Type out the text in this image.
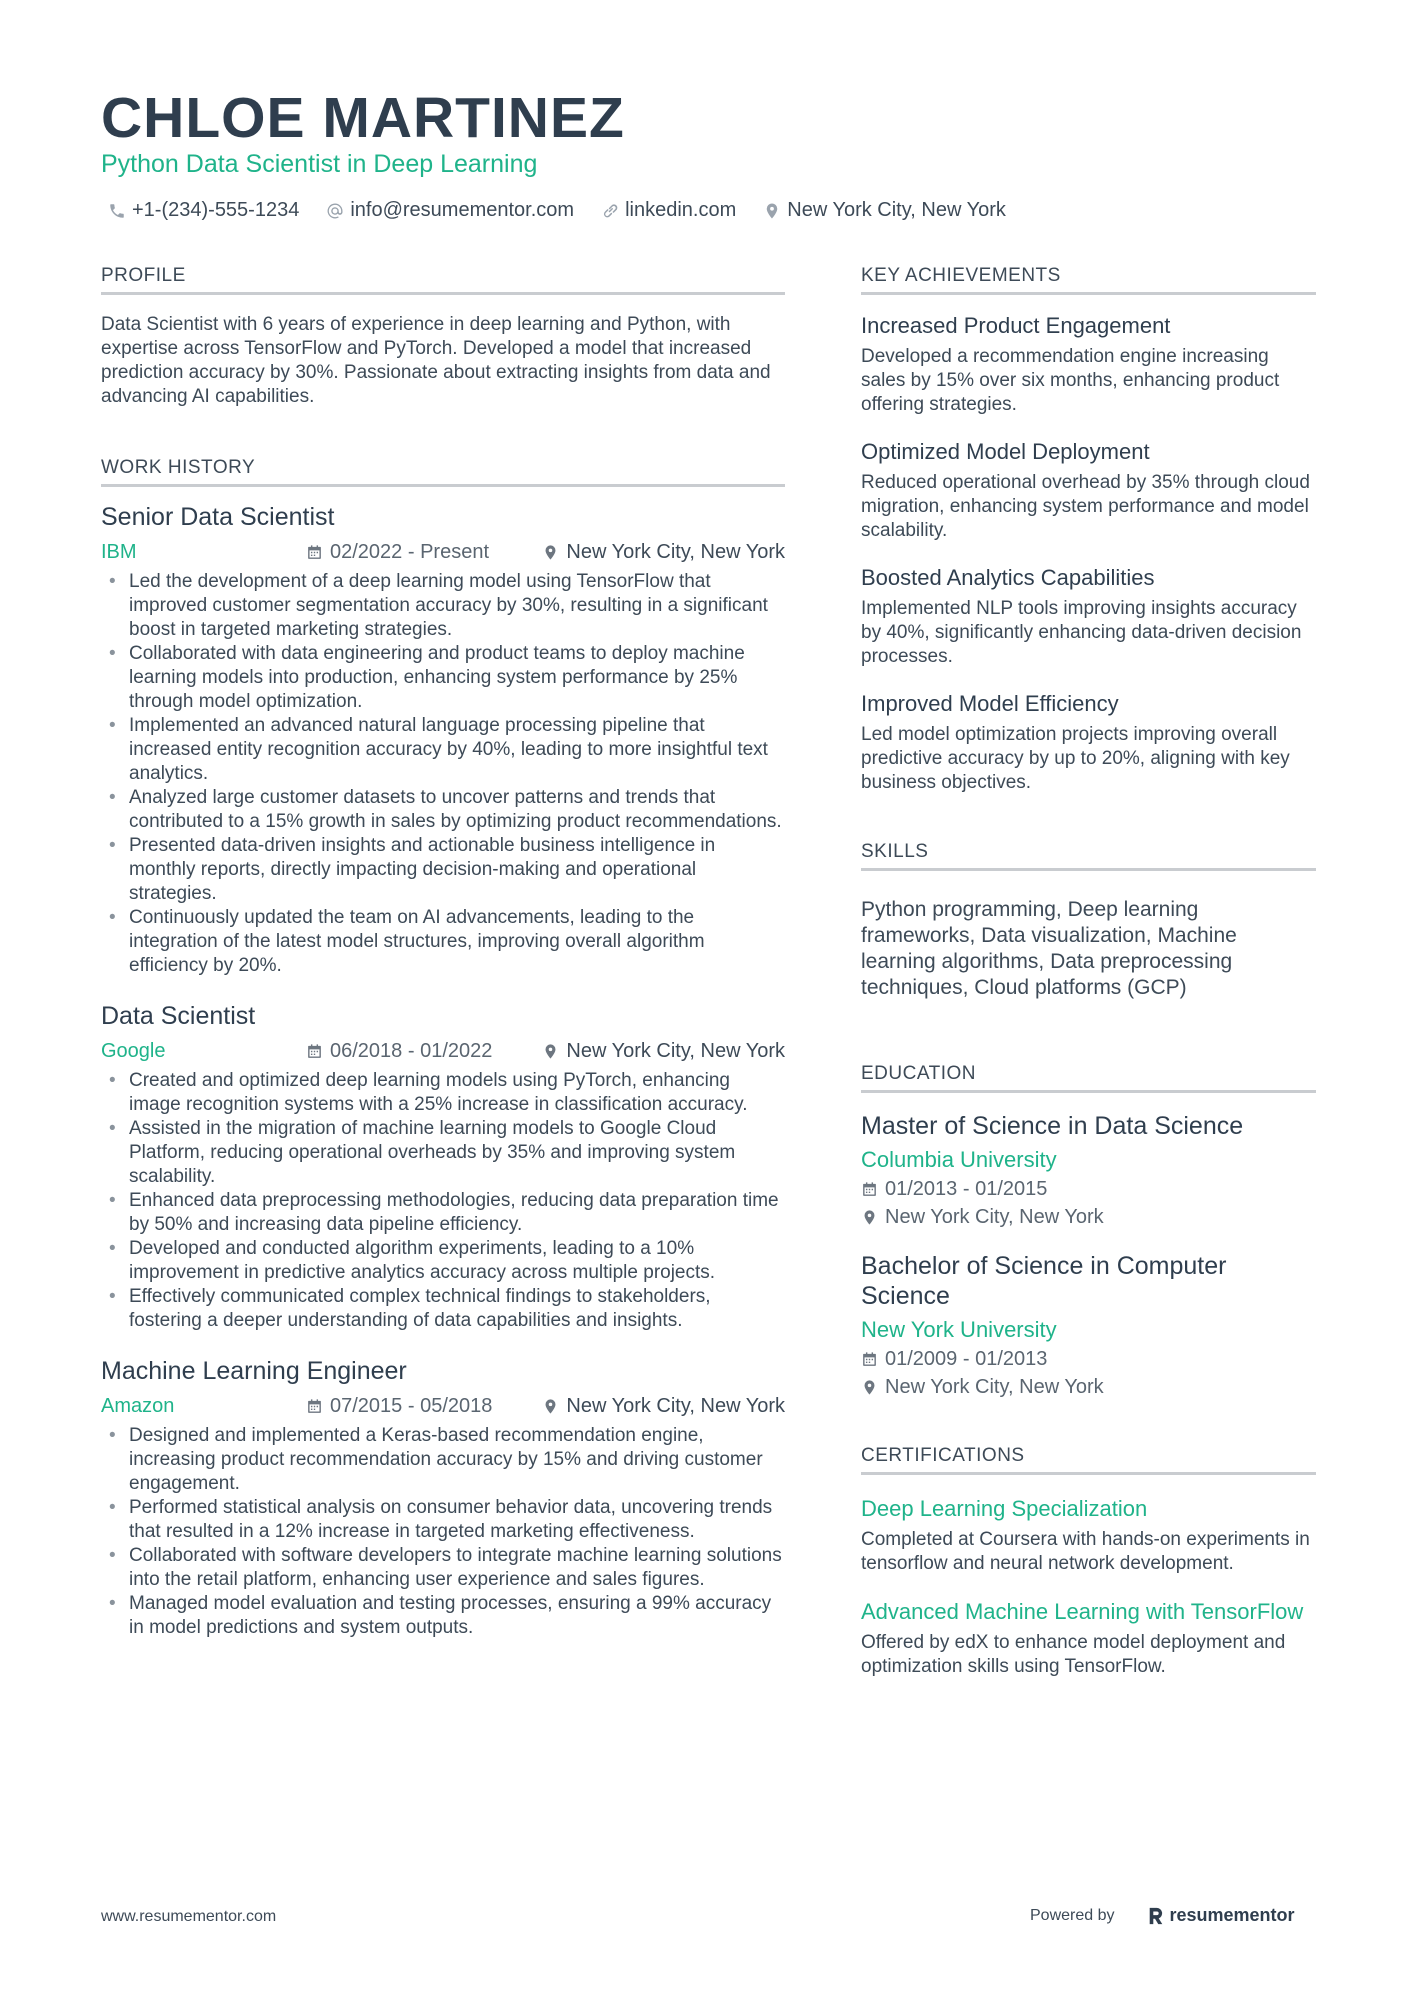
CHLOE MARTINEZ
Python Data Scientist in Deep Learning
+1-(234)-555-1234	info@resumementor.com	linkedin.com	New York City, New York
PROFILE
Data Scientist with 6 years of experience in deep learning and Python, with expertise across TensorFlow and PyTorch. Developed a model that increased prediction accuracy by 30%. Passionate about extracting insights from data and advancing AI capabilities.
WORK HISTORY
Senior Data Scientist
IBM	02/2022 - Present	New York City, New York
• Led the development of a deep learning model using TensorFlow that improved customer segmentation accuracy by 30%, resulting in a significant boost in targeted marketing strategies.
• Collaborated with data engineering and product teams to deploy machine learning models into production, enhancing system performance by 25% through model optimization.
• Implemented an advanced natural language processing pipeline that increased entity recognition accuracy by 40%, leading to more insightful text analytics.
• Analyzed large customer datasets to uncover patterns and trends that contributed to a 15% growth in sales by optimizing product recommendations.
• Presented data-driven insights and actionable business intelligence in monthly reports, directly impacting decision-making and operational strategies.
• Continuously updated the team on AI advancements, leading to the integration of the latest model structures, improving overall algorithm efficiency by 20%.
Data Scientist
Google	06/2018 - 01/2022	New York City, New York
• Created and optimized deep learning models using PyTorch, enhancing image recognition systems with a 25% increase in classification accuracy.
• Assisted in the migration of machine learning models to Google Cloud Platform, reducing operational overheads by 35% and improving system scalability.
• Enhanced data preprocessing methodologies, reducing data preparation time by 50% and increasing data pipeline efficiency.
• Developed and conducted algorithm experiments, leading to a 10% improvement in predictive analytics accuracy across multiple projects.
• Effectively communicated complex technical findings to stakeholders, fostering a deeper understanding of data capabilities and insights.
Machine Learning Engineer
Amazon	07/2015 - 05/2018	New York City, New York
• Designed and implemented a Keras-based recommendation engine, increasing product recommendation accuracy by 15% and driving customer engagement.
• Performed statistical analysis on consumer behavior data, uncovering trends that resulted in a 12% increase in targeted marketing effectiveness.
• Collaborated with software developers to integrate machine learning solutions into the retail platform, enhancing user experience and sales figures.
• Managed model evaluation and testing processes, ensuring a 99% accuracy in model predictions and system outputs.
KEY ACHIEVEMENTS
Increased Product Engagement
Developed a recommendation engine increasing sales by 15% over six months, enhancing product offering strategies.
Optimized Model Deployment
Reduced operational overhead by 35% through cloud migration, enhancing system performance and model scalability.
Boosted Analytics Capabilities
Implemented NLP tools improving insights accuracy by 40%, significantly enhancing data-driven decision processes.
Improved Model Efficiency
Led model optimization projects improving overall predictive accuracy by up to 20%, aligning with key business objectives.
SKILLS
Python programming, Deep learning frameworks, Data visualization, Machine learning algorithms, Data preprocessing techniques, Cloud platforms (GCP)
EDUCATION
Master of Science in Data Science
Columbia University
01/2013 - 01/2015
New York City, New York
Bachelor of Science in Computer Science
New York University
01/2009 - 01/2013
New York City, New York
CERTIFICATIONS
Deep Learning Specialization
Completed at Coursera with hands-on experiments in tensorflow and neural network development.
Advanced Machine Learning with TensorFlow
Offered by edX to enhance model deployment and optimization skills using TensorFlow.
www.resumementor.com	Powered by	resumementor
